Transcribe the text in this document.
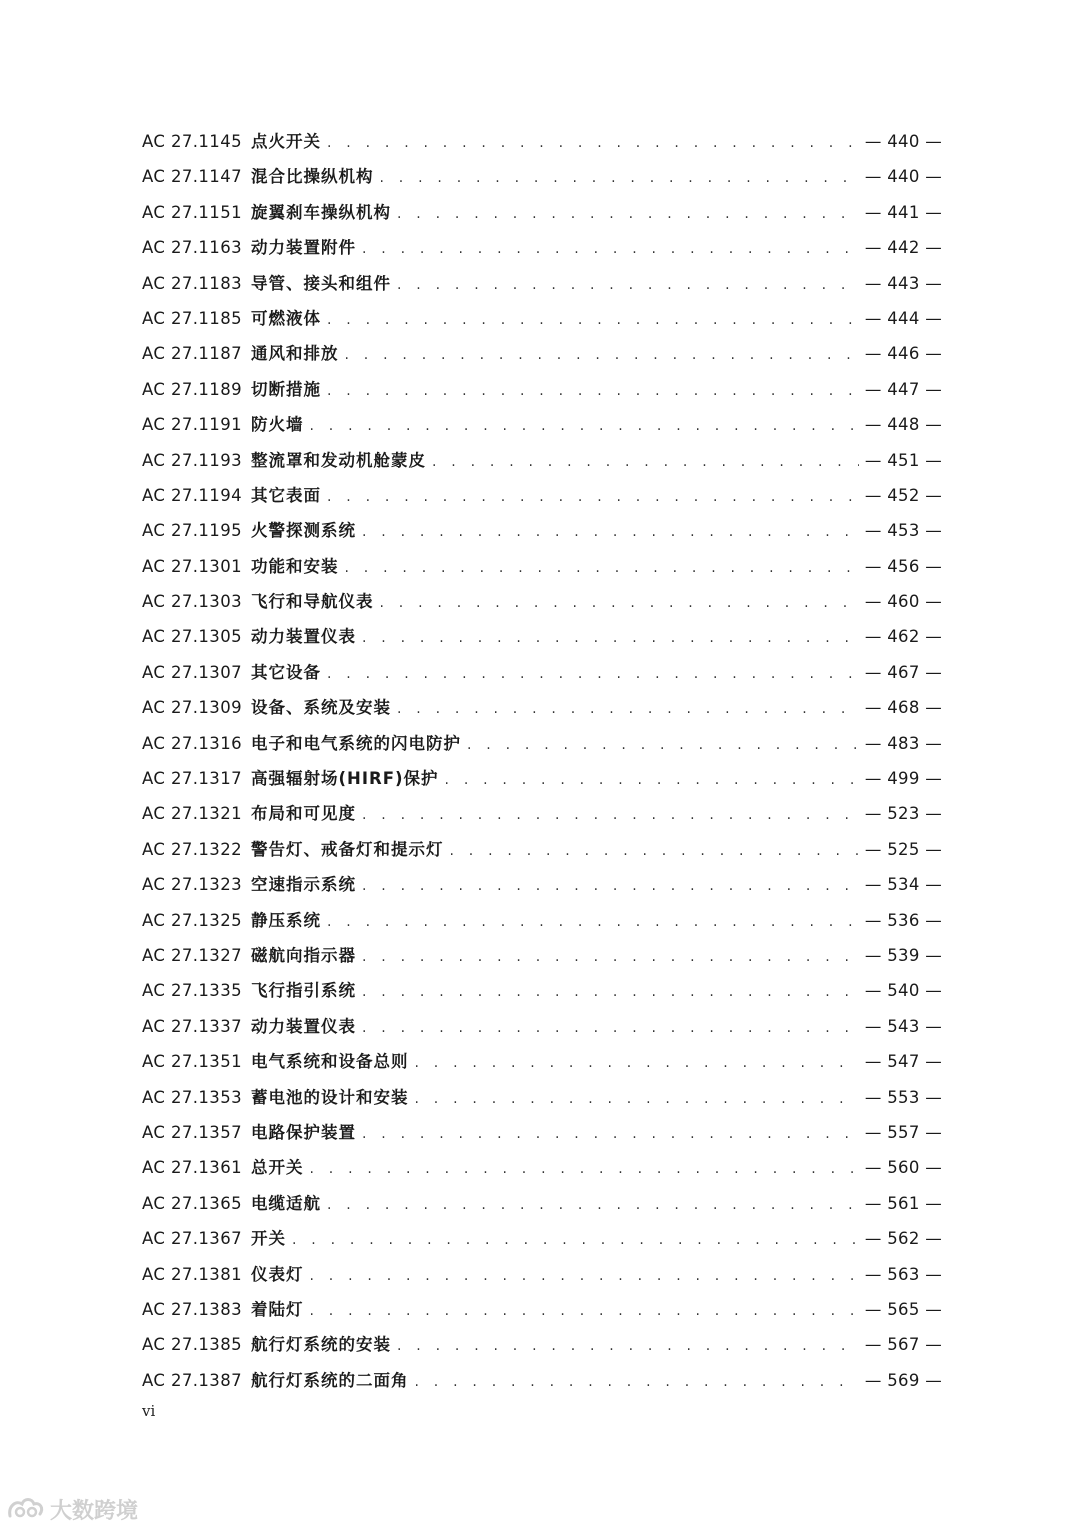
AC 27.1145 点火开关 . . .	— 440 —
AC 27.1147 混合比操纵机构 . . .	— 440 —
AC 27.1151 旋翼刹车操纵机构 . . .	— 441 —
AC 27.1163 动力装置附件 . . .	— 442 —
AC 27.1183 导管、接头和组件 . . .	— 443 —
AC 27.1185 可燃液体 . . .	— 444 —
AC 27.1187 通风和排放 . . .	— 446 —
AC 27.1189 切断措施 . . .	— 447 —
AC 27.1191 防火墙 . . .	— 448 —
AC 27.1193 整流罩和发动机舱蒙皮 . . .	— 451 —
AC 27.1194 其它表面 . . .	— 452 —
AC 27.1195 火警探测系统 . . .	— 453 —
AC 27.1301 功能和安装 . . .	— 456 —
AC 27.1303 飞行和导航仪表 . . .	— 460 —
AC 27.1305 动力装置仪表 . . .	— 462 —
AC 27.1307 其它设备 . . .	— 467 —
AC 27.1309 设备、系统及安装 . . .	— 468 —
AC 27.1316 电子和电气系统的闪电防护 . . .	— 483 —
AC 27.1317 高强辐射场(HIRF)保护 . . .	— 499 —
AC 27.1321 布局和可见度 . . .	— 523 —
AC 27.1322 警告灯、戒备灯和提示灯 . . .	— 525 —
AC 27.1323 空速指示系统 . . .	— 534 —
AC 27.1325 静压系统 . . .	— 536 —
AC 27.1327 磁航向指示器 . . .	— 539 —
AC 27.1335 飞行指引系统 . . .	— 540 —
AC 27.1337 动力装置仪表 . . .	— 543 —
AC 27.1351 电气系统和设备总则 . . .	— 547 —
AC 27.1353 蓄电池的设计和安装 . . .	— 553 —
AC 27.1357 电路保护装置 . . .	— 557 —
AC 27.1361 总开关 . . .	— 560 —
AC 27.1365 电缆适航 . . .	— 561 —
AC 27.1367 开关 . . .	— 562 —
AC 27.1381 仪表灯 . . .	— 563 —
AC 27.1383 着陆灯 . . .	— 565 —
AC 27.1385 航行灯系统的安装 . . .	— 567 —
AC 27.1387 航行灯系统的二面角 . . .	— 569 —
vi
大数跨境
